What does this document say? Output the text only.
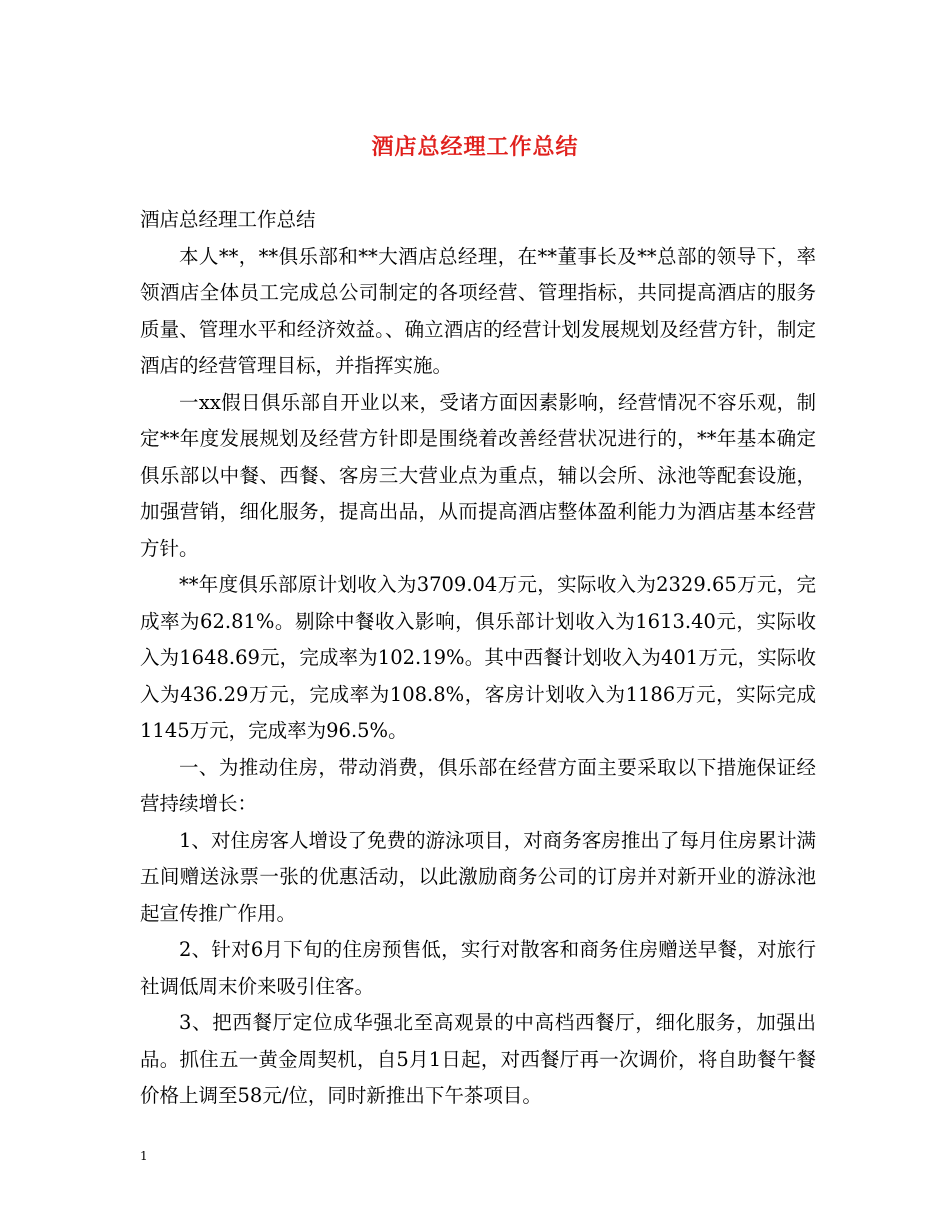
酒店总经理工作总结

酒店总经理工作总结

本人**，**俱乐部和**大酒店总经理，在**董事长及**总部的领导下，率领酒店全体员工完成总公司制定的各项经营、管理指标，共同提高酒店的服务质量、管理水平和经济效益。、确立酒店的经营计划发展规划及经营方针，制定酒店的经营管理目标，并指挥实施。

一xx假日俱乐部自开业以来，受诸方面因素影响，经营情况不容乐观，制定**年度发展规划及经营方针即是围绕着改善经营状况进行的，**年基本确定俱乐部以中餐、西餐、客房三大营业点为重点，辅以会所、泳池等配套设施，加强营销，细化服务，提高出品，从而提高酒店整体盈利能力为酒店基本经营方针。

**年度俱乐部原计划收入为3709.04万元，实际收入为2329.65万元，完成率为62.81%。剔除中餐收入影响，俱乐部计划收入为1613.40元，实际收入为1648.69元，完成率为102.19%。其中西餐计划收入为401万元，实际收入为436.29万元，完成率为108.8%，客房计划收入为1186万元，实际完成1145万元，完成率为96.5%。

一、为推动住房，带动消费，俱乐部在经营方面主要采取以下措施保证经营持续增长：

1、对住房客人增设了免费的游泳项目，对商务客房推出了每月住房累计满五间赠送泳票一张的优惠活动，以此激励商务公司的订房并对新开业的游泳池起宣传推广作用。

2、针对6月下旬的住房预售低，实行对散客和商务住房赠送早餐，对旅行社调低周末价来吸引住客。

3、把西餐厅定位成华强北至高观景的中高档西餐厅，细化服务，加强出品。抓住五一黄金周契机，自5月1日起，对西餐厅再一次调价，将自助餐午餐价格上调至58元/位，同时新推出下午茶项目。

1
